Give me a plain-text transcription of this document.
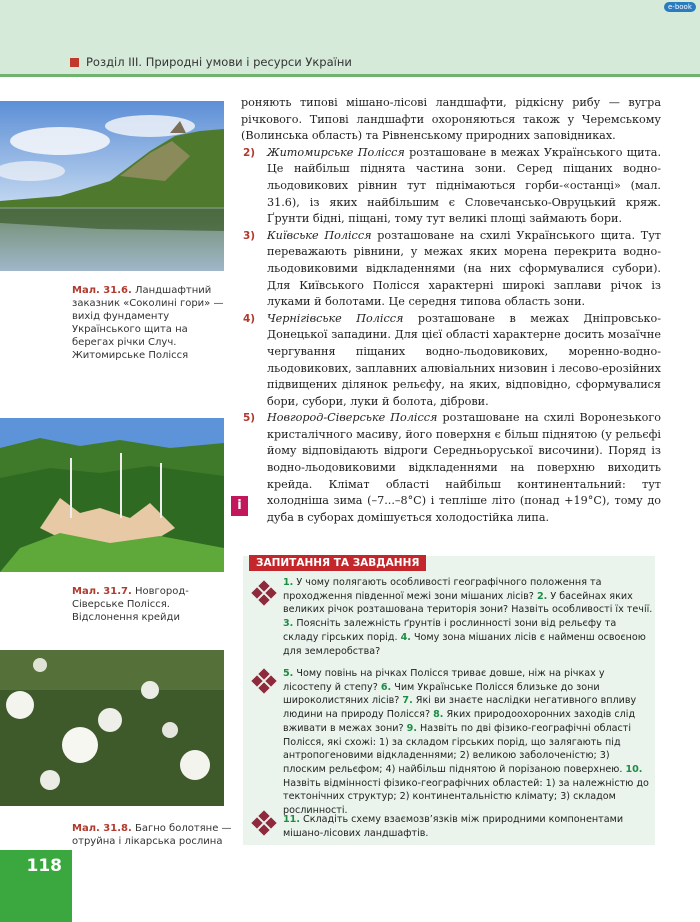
Розділ ІІІ. Природні умови і ресурси України
e-book
Мал. 31.6. Ландшафтний заказник «Соколині гори» — вихід фундаменту Українського щита на берегах річки Случ. Житомирське Полісся
Мал. 31.7. Новгород-Сіверське Полісся. Відслонення крейди
Мал. 31.8. Багно болотяне — отруйна і лікарська рослина

роняють типові мішано-лісові ландшафти, рідкісну рибу — вугра річкового. Типові ландшафти охороняються також у Черемському (Волинська область) та Рівненському природних заповідниках.

2) Житомирське Полісся розташоване в межах Українського щита. Це найбільш піднята частина зони. Серед піщаних водно-льодовикових рівнин тут піднімаються горби-«останці» (мал. 31.6), із яких найбільшим є Словечансько-Овруцький кряж. Ґрунти бідні, піщані, тому тут великі площі займають бори.

3) Київське Полісся розташоване на схилі Українського щита. Тут переважають рівнини, у межах яких морена перекрита водно-льодовиковими відкладеннями (на них сформувалися субори). Для Київського Полісся характерні широкі заплави річок із луками й болотами. Це середня типова область зони.

4) Чернігівське Полісся розташоване в межах Дніпровсько-Донецької западини. Для цієї області характерне досить мозаїчне чергування піщаних водно-льодовикових, моренно-водно-льодовикових, заплавних алювіальних низовин і лесово-ерозійних підвищених ділянок рельєфу, на яких, відповідно, сформувалися бори, субори, луки й болота, діброви.

5) Новгород-Сіверське Полісся розташоване на схилі Воронезького кристалічного масиву, його поверхня є більш піднятою (у рельєфі йому відповідають відроги Середньоруської височини). Поряд із водно-льодовиковими відкладеннями на поверхню виходить крейда. Клімат області найбільш континентальний: тут холодніша зима (–7...–8°С) і тепліше літо (понад +19°С), тому до дуба в суборах домішується холодостійка липа.

i
ЗАПИТАННЯ ТА ЗАВДАННЯ
1. У чому полягають особливості географічного положення та проходження південної межі зони мішаних лісів? 2. У басейнах яких великих річок розташована територія зони? Назвіть особливості їх течії. 3. Поясніть залежність ґрунтів і рослинності зони від рельєфу та складу гірських порід. 4. Чому зона мішаних лісів є найменш освоєною для землеробства?
5. Чому повінь на річках Полісся триває довше, ніж на річках у лісостепу й степу? 6. Чим Українське Полісся близьке до зони широколистяних лісів? 7. Які ви знаєте наслідки негативного впливу людини на природу Полісся? 8. Яких природоохоронних заходів слід вживати в межах зони? 9. Назвіть по дві фізико-географічні області Полісся, які схожі: 1) за складом гірських порід, що залягають під антропогеновими відкладеннями; 2) великою заболоченістю; 3) плоским рельєфом; 4) найбільш піднятою й порізаною поверхнею. 10. Назвіть відмінності фізико-географічних областей: 1) за належністю до тектонічних структур; 2) континентальністю клімату; 3) складом рослинності.
11. Складіть схему взаємозв’язків між природними компонентами мішано-лісових ландшафтів.
118
